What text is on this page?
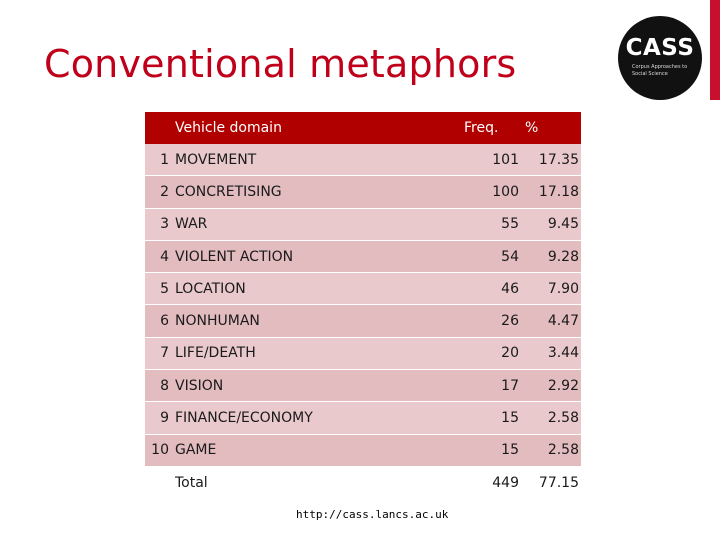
Conventional metaphors	CASS
Corpus Approaches to Social Science
Vehicle domain	Freq.	%
1 MOVEMENT	101	17.35
2 CONCRETISING	100	17.18
3 WAR	55	9.45
4 VIOLENT ACTION	54	9.28
5 LOCATION	46	7.90
6 NONHUMAN	26	4.47
7 LIFE/DEATH	20	3.44
8 VISION	17	2.92
9 FINANCE/ECONOMY	15	2.58
10 GAME	15	2.58
Total	449	77.15
http://cass.lancs.ac.uk
